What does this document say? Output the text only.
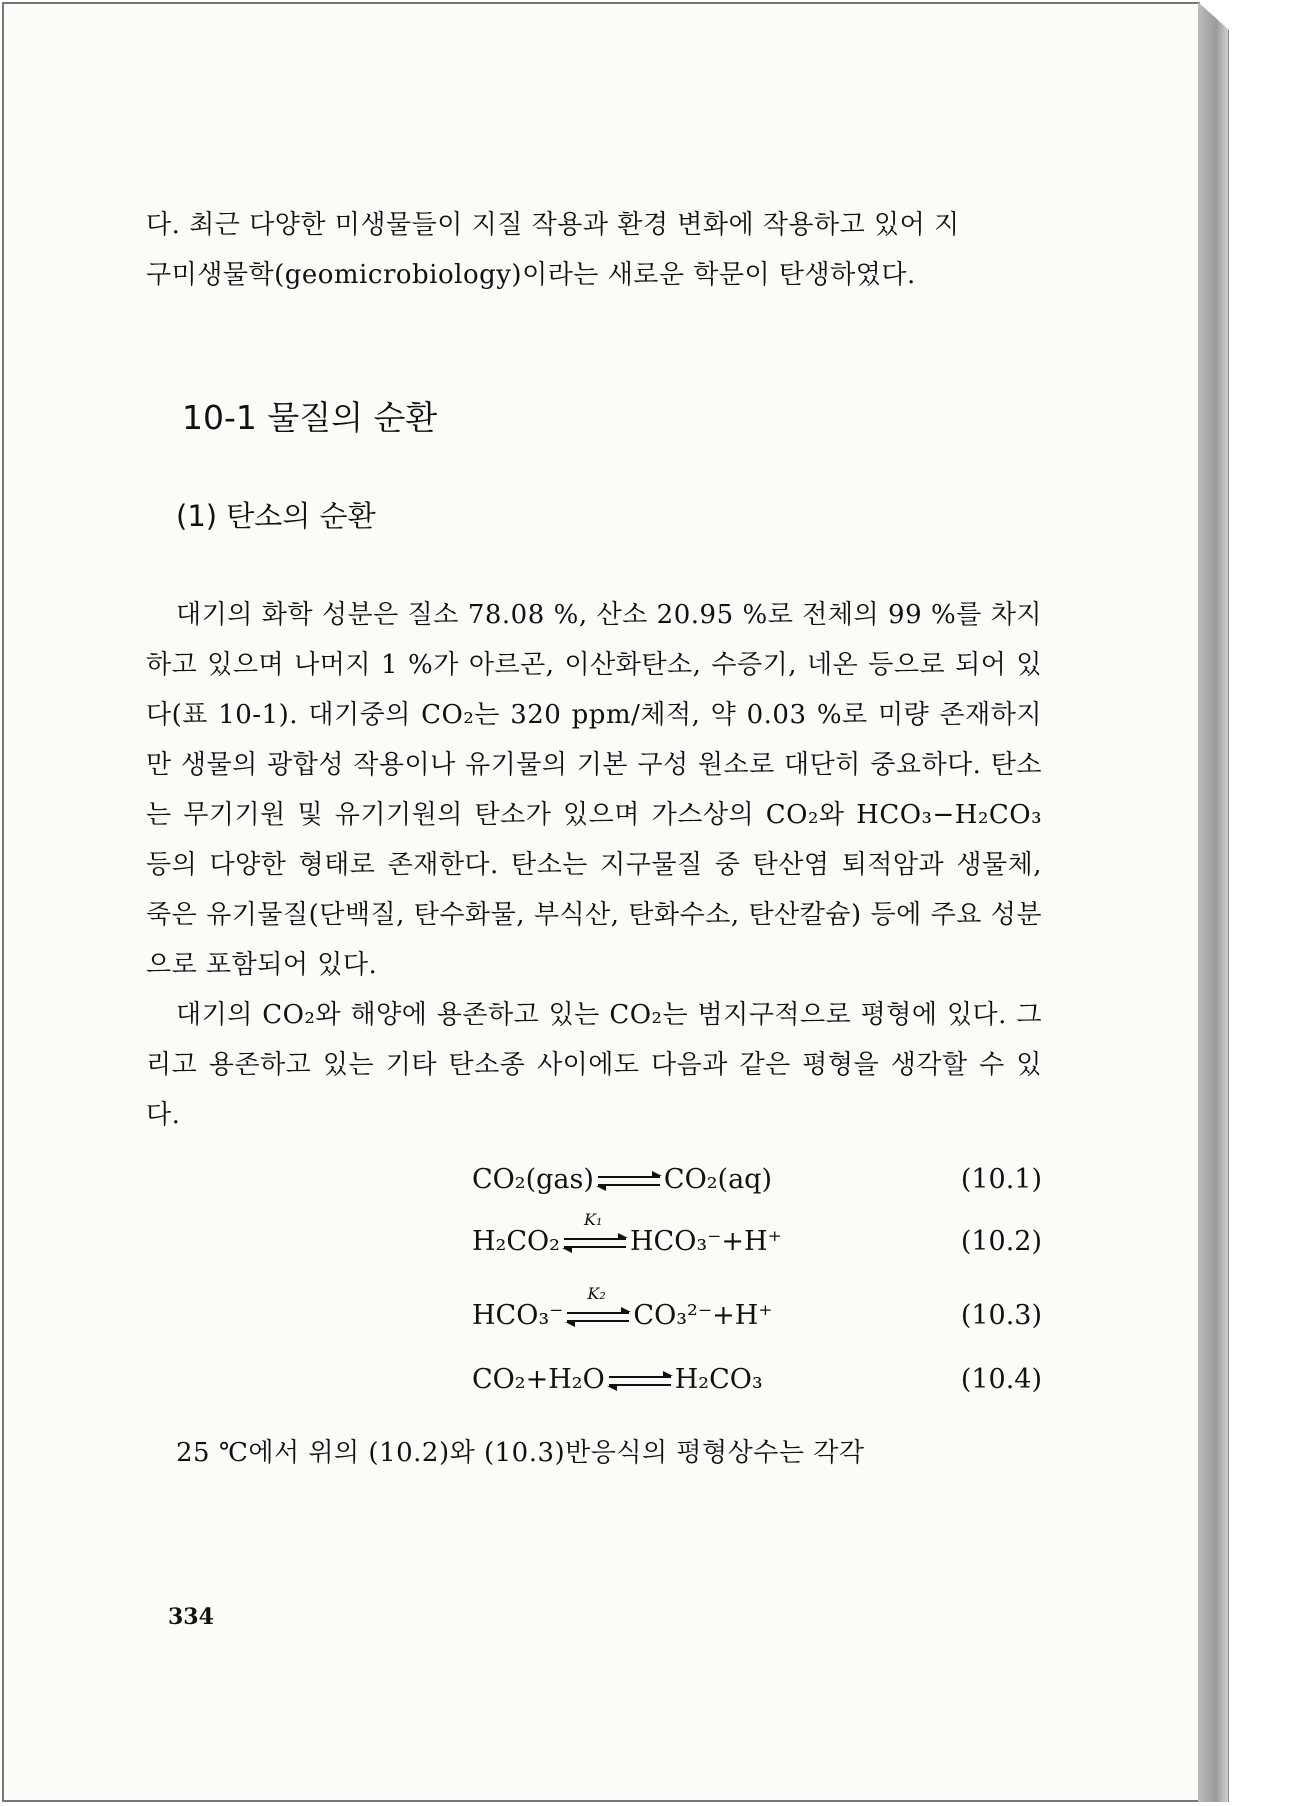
다. 최근 다양한 미생물들이 지질 작용과 환경 변화에 작용하고 있어 지

구미생물학(geomicrobiology)이라는 새로운 학문이 탄생하였다.

10-1 물질의 순환
(1) 탄소의 순환

대기의 화학 성분은 질소 78.08 %, 산소 20.95 %로 전체의 99 %를 차지하고 있으며 나머지 1 %가 아르곤, 이산화탄소, 수증기, 네온 등으로 되어 있다(표 10-1). 대기중의 CO₂는 320 ppm/체적, 약 0.03 %로 미량 존재하지만 생물의 광합성 작용이나 유기물의 기본 구성 원소로 대단히 중요하다. 탄소는 무기기원 및 유기기원의 탄소가 있으며 가스상의 CO₂와 HCO₃−H₂CO₃ 등의 다양한 형태로 존재한다. 탄소는 지구물질 중 탄산염 퇴적암과 생물체, 죽은 유기물질(단백질, 탄수화물, 부식산, 탄화수소, 탄산칼슘) 등에 주요 성분으로 포함되어 있다.

대기의 CO₂와 해양에 용존하고 있는 CO₂는 범지구적으로 평형에 있다. 그리고 용존하고 있는 기타 탄소종 사이에도 다음과 같은 평형을 생각할 수 있다.

CO₂(gas) ⇌ CO₂(aq)	(10.1)
H₂CO₂
K₁
HCO₃⁻+H⁺	(10.2)
HCO₃⁻
K₂
CO₃²⁻+H⁺	(10.3)
CO₂+H₂O ⇌ H₂CO₃	(10.4)

25 ℃에서 위의 (10.2)와 (10.3)반응식의 평형상수는 각각

334
